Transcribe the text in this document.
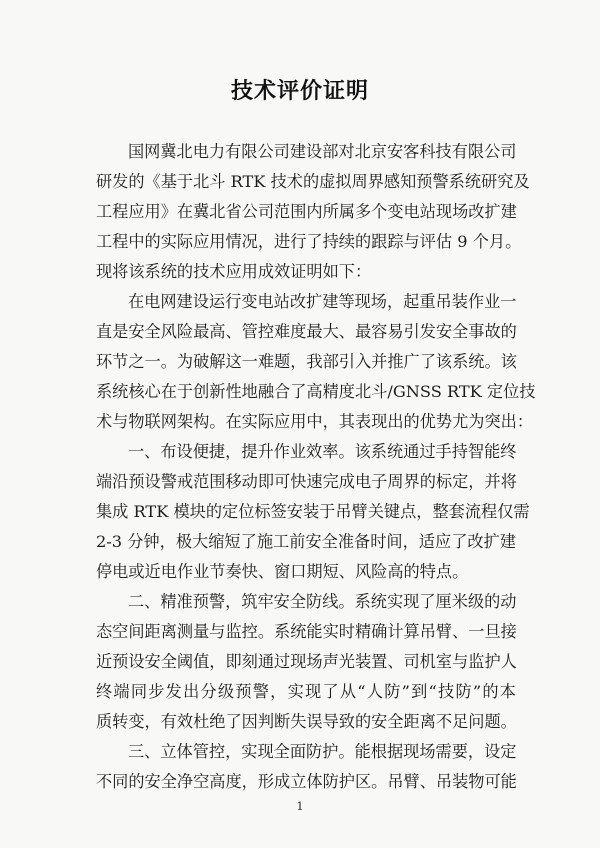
技术评价证明
国网冀北电力有限公司建设部对北京安客科技有限公司
研发的《基于北斗 RTK 技术的虚拟周界感知预警系统研究及
工程应用》在冀北省公司范围内所属多个变电站现场改扩建
工程中的实际应用情况，进行了持续的跟踪与评估 9 个月。
现将该系统的技术应用成效证明如下：
在电网建设运行变电站改扩建等现场，起重吊装作业一
直是安全风险最高、管控难度最大、最容易引发安全事故的
环节之一。为破解这一难题，我部引入并推广了该系统。该
系统核心在于创新性地融合了高精度北斗/GNSS RTK 定位技
术与物联网架构。在实际应用中，其表现出的优势尤为突出：
一、布设便捷，提升作业效率。该系统通过手持智能终
端沿预设警戒范围移动即可快速完成电子周界的标定，并将
集成 RTK 模块的定位标签安装于吊臂关键点，整套流程仅需
2-3 分钟，极大缩短了施工前安全准备时间，适应了改扩建
停电或近电作业节奏快、窗口期短、风险高的特点。
二、精准预警，筑牢安全防线。系统实现了厘米级的动
态空间距离测量与监控。系统能实时精确计算吊臂、一旦接
近预设安全阈值，即刻通过现场声光装置、司机室与监护人
终端同步发出分级预警，实现了从“人防”到“技防”的本
质转变，有效杜绝了因判断失误导致的安全距离不足问题。
三、立体管控，实现全面防护。能根据现场需要，设定
不同的安全净空高度，形成立体防护区。吊臂、吊装物可能
1
